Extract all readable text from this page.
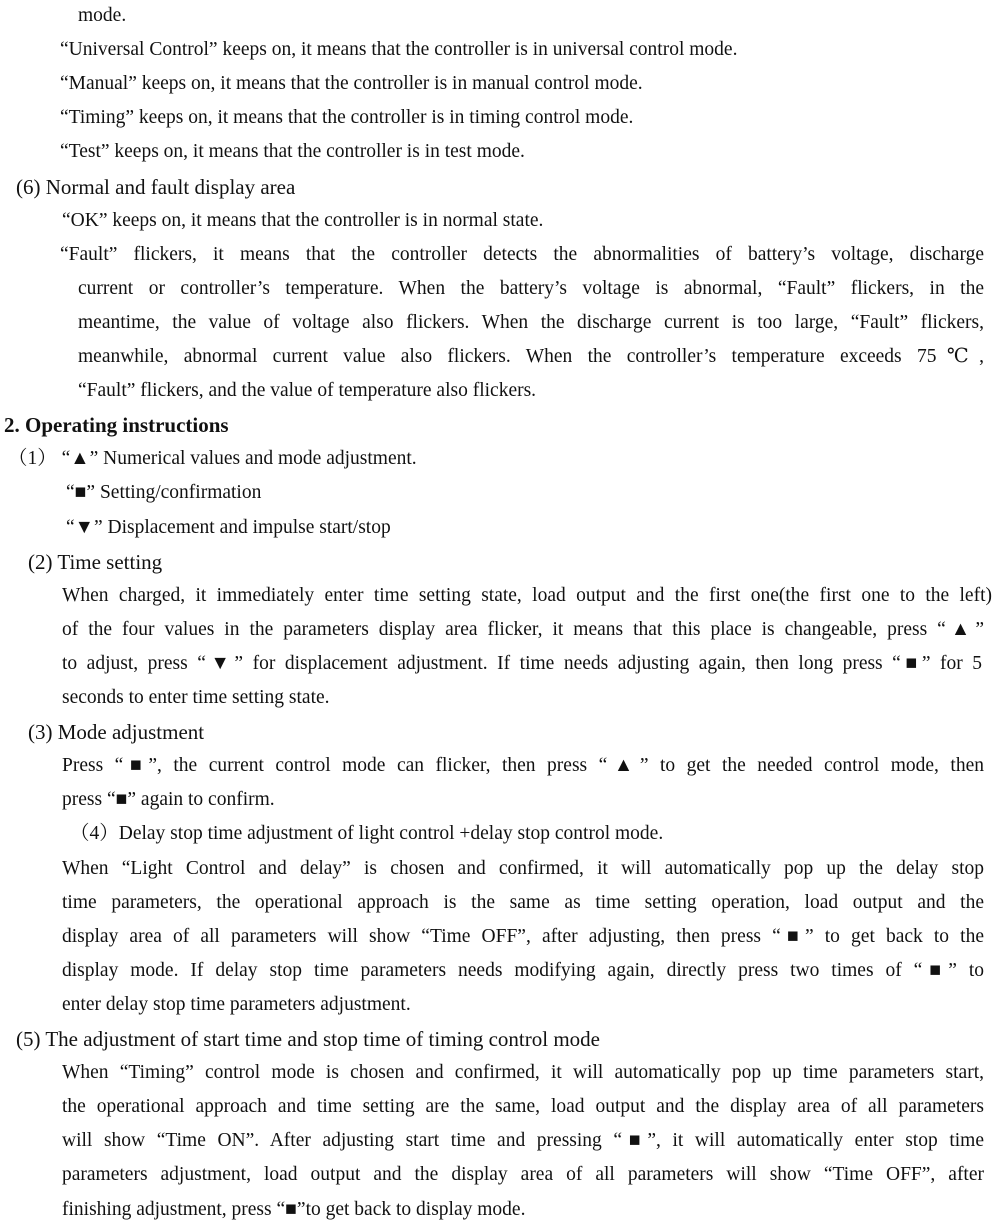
mode.
“Universal Control” keeps on, it means that the controller is in universal control mode.
“Manual” keeps on, it means that the controller is in manual control mode.
“Timing” keeps on, it means that the controller is in timing control mode.
“Test” keeps on, it means that the controller is in test mode.
(6) Normal and fault display area
“OK” keeps on, it means that the controller is in normal state.
“Fault” flickers, it means that the controller detects the abnormalities of battery’s voltage, discharge
current or controller’s temperature. When the battery’s voltage is abnormal, “Fault” flickers, in the
meantime, the value of voltage also flickers. When the discharge current is too large, “Fault” flickers,
meanwhile, abnormal current value also flickers. When the controller’s temperature exceeds 75℃,
“Fault” flickers, and the value of temperature also flickers.
2. Operating instructions
（1） “▲” Numerical values and mode adjustment.
“■” Setting/confirmation
“▼” Displacement and impulse start/stop
(2) Time setting
When charged, it immediately enter time setting state, load output and the first one(the first one to the left)
of the four values in the parameters display area flicker, it means that this place is changeable, press “▲”
to adjust, press “▼” for displacement adjustment. If time needs adjusting again, then long press “■” for 5
seconds to enter time setting state.
(3) Mode adjustment
Press “■”, the current control mode can flicker, then press “▲” to get the needed control mode, then
press “■” again to confirm.
（4）Delay stop time adjustment of light control +delay stop control mode.
When “Light Control and delay” is chosen and confirmed, it will automatically pop up the delay stop
time parameters, the operational approach is the same as time setting operation, load output and the
display area of all parameters will show “Time OFF”, after adjusting, then press “■” to get back to the
display mode. If delay stop time parameters needs modifying again, directly press two times of “■” to
enter delay stop time parameters adjustment.
(5) The adjustment of start time and stop time of timing control mode
When “Timing” control mode is chosen and confirmed, it will automatically pop up time parameters start,
the operational approach and time setting are the same, load output and the display area of all parameters
will show “Time ON”. After adjusting start time and pressing “■”, it will automatically enter stop time
parameters adjustment, load output and the display area of all parameters will show “Time OFF”, after
finishing adjustment, press “■”to get back to display mode.
